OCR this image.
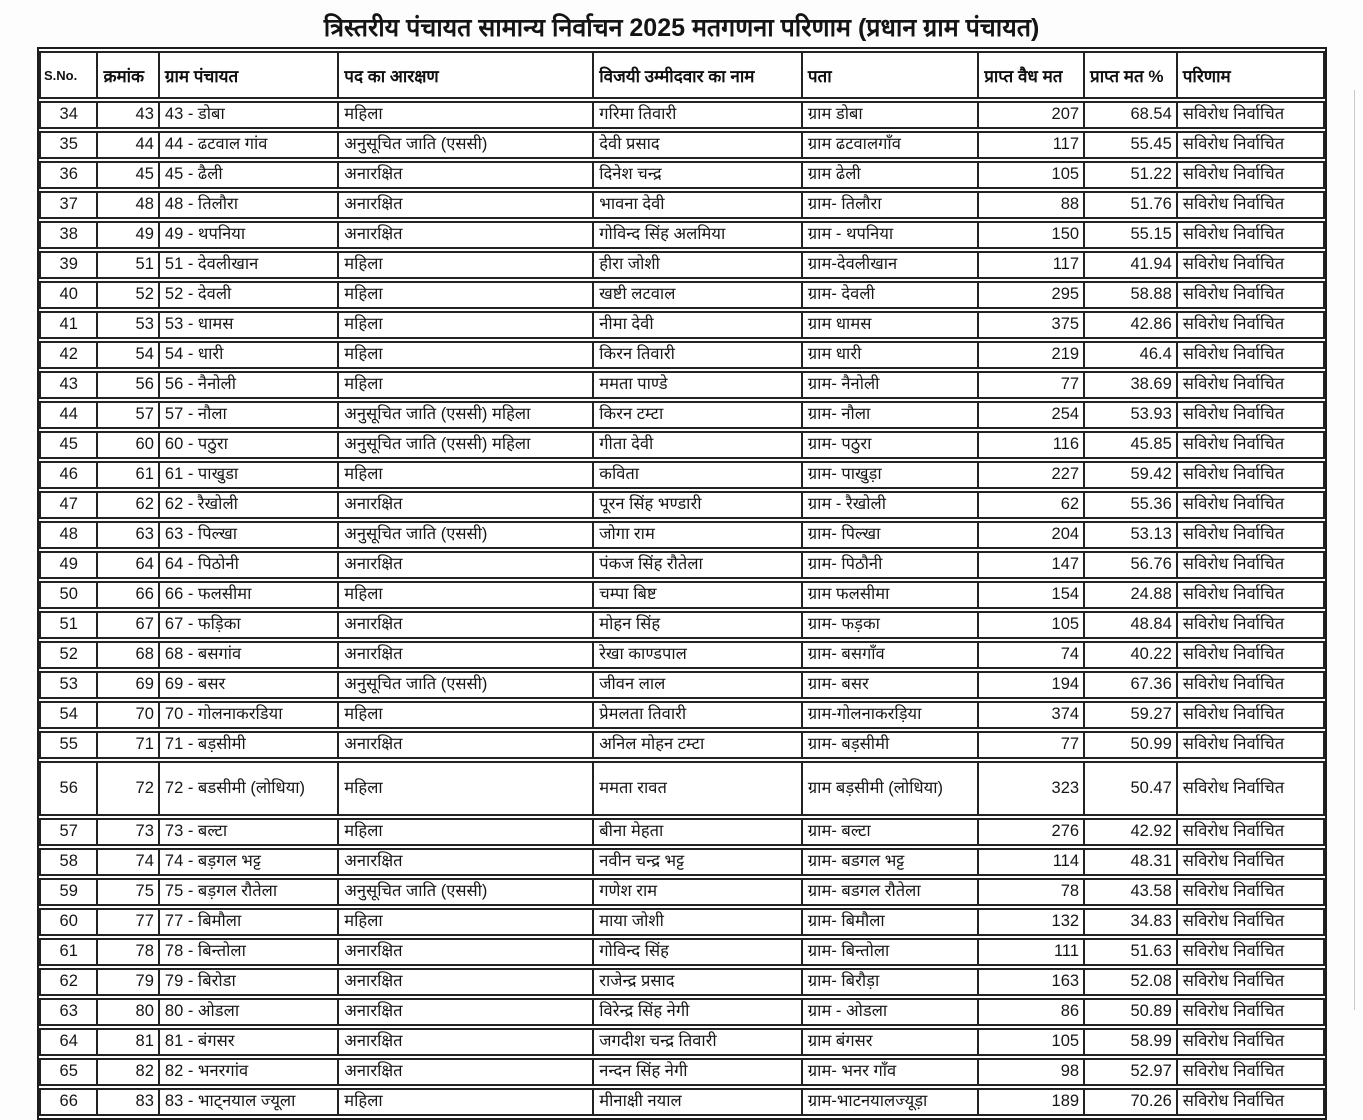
त्रिस्तरीय पंचायत सामान्य निर्वाचन 2025 मतगणना परिणाम (प्रधान ग्राम पंचायत)
S.No.	क्रमांक	ग्राम पंचायत	पद का आरक्षण	विजयी उम्मीदवार का नाम	पता	प्राप्त वैध मत	प्राप्त मत %	परिणाम
34	43	43 - डोबा	महिला	गरिमा तिवारी	ग्राम डोबा	207	68.54	सविरोध निर्वाचित
35	44	44 - ढटवाल गांव	अनुसूचित जाति (एससी)	देवी प्रसाद	ग्राम ढटवालगाँव	117	55.45	सविरोध निर्वाचित
36	45	45 - ढैली	अनारक्षित	दिनेश चन्द्र	ग्राम ढेली	105	51.22	सविरोध निर्वाचित
37	48	48 - तिलौरा	अनारक्षित	भावना देवी	ग्राम- तिलौरा	88	51.76	सविरोध निर्वाचित
38	49	49 - थपनिया	अनारक्षित	गोविन्द सिंह अलमिया	ग्राम - थपनिया	150	55.15	सविरोध निर्वाचित
39	51	51 - देवलीखान	महिला	हीरा जोशी	ग्राम-देवलीखान	117	41.94	सविरोध निर्वाचित
40	52	52 - देवली	महिला	खष्टी लटवाल	ग्राम- देवली	295	58.88	सविरोध निर्वाचित
41	53	53 - धामस	महिला	नीमा देवी	ग्राम धामस	375	42.86	सविरोध निर्वाचित
42	54	54 - धारी	महिला	किरन तिवारी	ग्राम धारी	219	46.4	सविरोध निर्वाचित
43	56	56 - नैनोली	महिला	ममता पाण्डे	ग्राम- नैनोली	77	38.69	सविरोध निर्वाचित
44	57	57 - नौला	अनुसूचित जाति (एससी) महिला	किरन टम्टा	ग्राम- नौला	254	53.93	सविरोध निर्वाचित
45	60	60 - पठुरा	अनुसूचित जाति (एससी) महिला	गीता देवी	ग्राम- पठुरा	116	45.85	सविरोध निर्वाचित
46	61	61 - पाखुडा	महिला	कविता	ग्राम- पाखुड़ा	227	59.42	सविरोध निर्वाचित
47	62	62 - रैखोली	अनारक्षित	पूरन सिंह भण्डारी	ग्राम - रैखोली	62	55.36	सविरोध निर्वाचित
48	63	63 - पिल्खा	अनुसूचित जाति (एससी)	जोगा राम	ग्राम- पिल्खा	204	53.13	सविरोध निर्वाचित
49	64	64 - पिठोनी	अनारक्षित	पंकज सिंह रौतेला	ग्राम- पिठौनी	147	56.76	सविरोध निर्वाचित
50	66	66 - फलसीमा	महिला	चम्पा बिष्ट	ग्राम फलसीमा	154	24.88	सविरोध निर्वाचित
51	67	67 - फड़िका	अनारक्षित	मोहन सिंह	ग्राम- फड़का	105	48.84	सविरोध निर्वाचित
52	68	68 - बसगांव	अनारक्षित	रेखा काण्डपाल	ग्राम- बसगाँव	74	40.22	सविरोध निर्वाचित
53	69	69 - बसर	अनुसूचित जाति (एससी)	जीवन लाल	ग्राम- बसर	194	67.36	सविरोध निर्वाचित
54	70	70 - गोलनाकरडिया	महिला	प्रेमलता तिवारी	ग्राम-गोलनाकरड़िया	374	59.27	सविरोध निर्वाचित
55	71	71 - बड़सीमी	अनारक्षित	अनिल मोहन टम्टा	ग्राम- बड़सीमी	77	50.99	सविरोध निर्वाचित
56	72	72 - बडसीमी (लोधिया)	महिला	ममता रावत	ग्राम बड़सीमी (लोधिया)	323	50.47	सविरोध निर्वाचित
57	73	73 - बल्टा	महिला	बीना मेहता	ग्राम- बल्टा	276	42.92	सविरोध निर्वाचित
58	74	74 - बड़गल भट्ट	अनारक्षित	नवीन चन्द्र भट्ट	ग्राम- बडगल भट्ट	114	48.31	सविरोध निर्वाचित
59	75	75 - बड़गल रौतेला	अनुसूचित जाति (एससी)	गणेश राम	ग्राम- बडगल रौतेला	78	43.58	सविरोध निर्वाचित
60	77	77 - बिमौला	महिला	माया जोशी	ग्राम- बिमौला	132	34.83	सविरोध निर्वाचित
61	78	78 - बिन्तोला	अनारक्षित	गोविन्द सिंह	ग्राम- बिन्तोला	111	51.63	सविरोध निर्वाचित
62	79	79 - बिरोडा	अनारक्षित	राजेन्द्र प्रसाद	ग्राम- बिरौड़ा	163	52.08	सविरोध निर्वाचित
63	80	80 - ओडला	अनारक्षित	विरेन्द्र सिंह नेगी	ग्राम - ओडला	86	50.89	सविरोध निर्वाचित
64	81	81 - बंगसर	अनारक्षित	जगदीश चन्द्र तिवारी	ग्राम बंगसर	105	58.99	सविरोध निर्वाचित
65	82	82 - भनरगांव	अनारक्षित	नन्दन सिंह नेगी	ग्राम- भनर गाँव	98	52.97	सविरोध निर्वाचित
66	83	83 - भाट्नयाल ज्यूला	महिला	मीनाक्षी नयाल	ग्राम-भाटनयालज्यूड़ा	189	70.26	सविरोध निर्वाचित
